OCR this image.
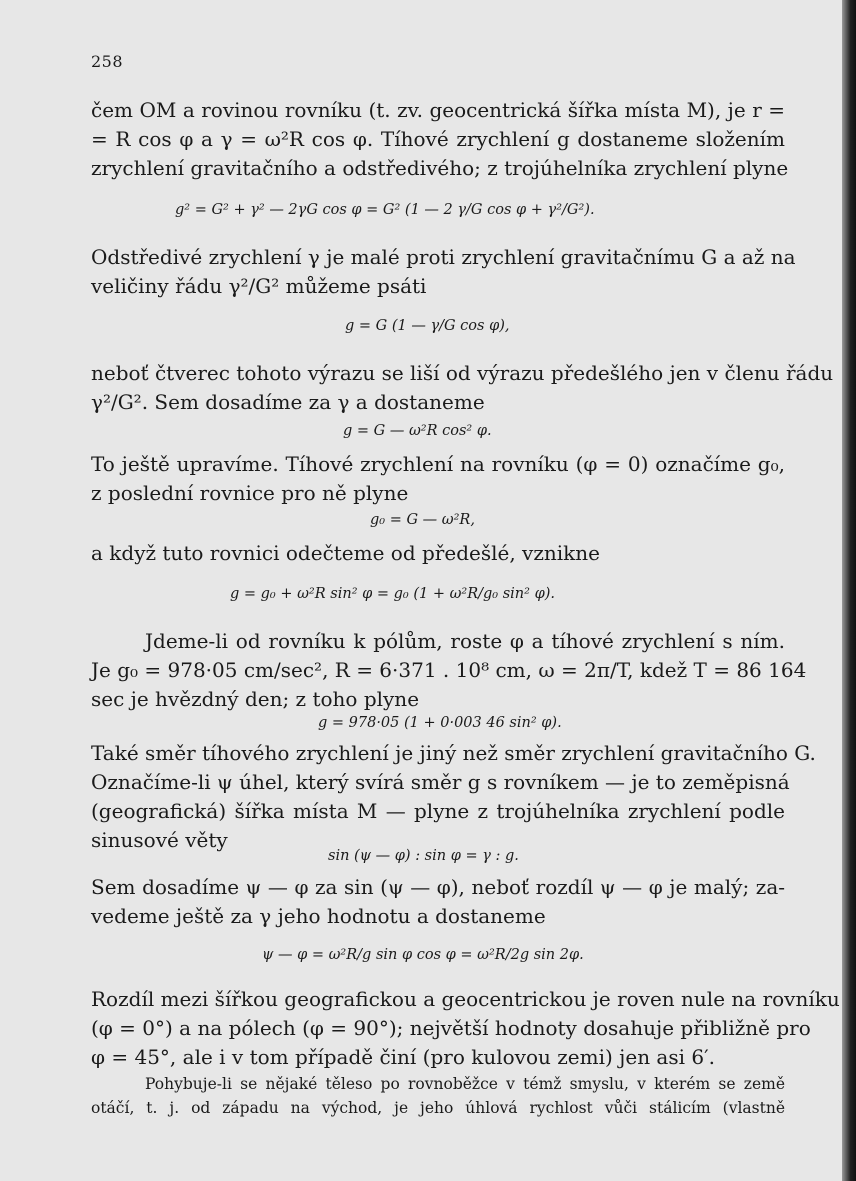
258
čem OM a rovinou rovníku (t. zv. geocentrická šířka místa M), je r =
= R cos φ a γ = ω²R cos φ. Tíhové zrychlení g dostaneme složením
zrychlení gravitačního a odstředivého; z trojúhelníka zrychlení plyne
g² = G² + γ² — 2γG cos φ = G² (1 — 2 γ/G cos φ + γ²/G²).
Odstředivé zrychlení γ je malé proti zrychlení gravitačnímu G a až na
veličiny řádu γ²/G² můžeme psáti
g = G (1 — γ/G cos φ),
neboť čtverec tohoto výrazu se liší od výrazu předešlého jen v členu řádu
γ²/G². Sem dosadíme za γ a dostaneme
g = G — ω²R cos² φ.
To ještě upravíme. Tíhové zrychlení na rovníku (φ = 0) označíme g₀,
z poslední rovnice pro ně plyne
g₀ = G — ω²R,
a když tuto rovnici odečteme od předešlé, vznikne
g = g₀ + ω²R sin² φ = g₀ (1 + ω²R/g₀ sin² φ).
Jdeme-li od rovníku k pólům, roste φ a tíhové zrychlení s ním.
Je g₀ = 978·05 cm/sec², R = 6·371 . 10⁸ cm, ω = 2π/T, kdež T = 86 164
sec je hvězdný den; z toho plyne
g = 978·05 (1 + 0·003 46 sin² φ).
Také směr tíhového zrychlení je jiný než směr zrychlení gravitačního G.
Označíme-li ψ úhel, který svírá směr g s rovníkem — je to zeměpisná
(geografická) šířka místa M — plyne z trojúhelníka zrychlení podle
sinusové věty
sin (ψ — φ) : sin φ = γ : g.
Sem dosadíme ψ — φ za sin (ψ — φ), neboť rozdíl ψ — φ je malý; za-
vedeme ještě za γ jeho hodnotu a dostaneme
ψ — φ = ω²R/g sin φ cos φ = ω²R/2g sin 2φ.
Rozdíl mezi šířkou geografickou a geocentrickou je roven nule na rovníku
(φ = 0°) a na pólech (φ = 90°); největší hodnoty dosahuje přibližně pro
φ = 45°, ale i v tom případě činí (pro kulovou zemi) jen asi 6′.
Pohybuje-li se nějaké těleso po rovnoběžce v témž smyslu, v kterém se země
otáčí, t. j. od západu na východ, je jeho úhlová rychlost vůči stálicím (vlastně
